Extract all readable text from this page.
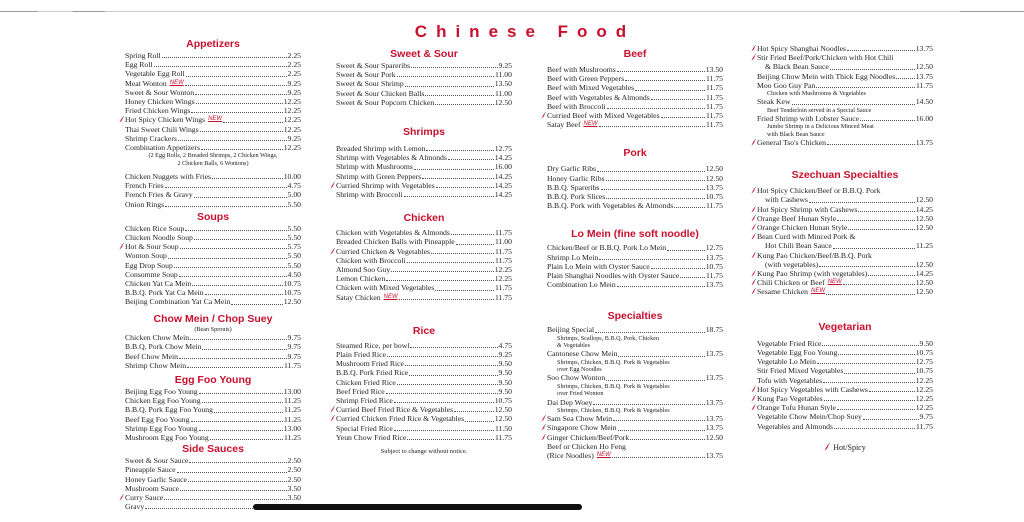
Chinese Food
Appetizers
Spring Roll	2.25
Egg Roll	2.25
Vegetable Egg Roll	2.25
Meat Wonton NEW	9.25
Sweet & Sour Wonton	9.25
Honey Chicken Wings	12.25
Fried Chicken Wings	12.25
Hot Spicy Chicken Wings NEW	12.25
Thai Sweet Chili Wings	12.25
Shrimp Crackers	9.25
Combination Appetizers	12.25
(2 Egg Rolls, 2 Breaded Shrimps, 2 Chicken Wings, 2 Chicken Balls, 6 Wontons)
Chicken Nuggets with Fries	10.00
French Fries	4.75
French Fries & Gravy	5.00
Onion Rings	5.50
Soups
Chicken Rice Soup	5.50
Chicken Noodle Soup	5.50
Hot & Sour Soup	5.75
Wonton Soup	5.50
Egg Drop Soup	5.50
Consomme Soup	4.50
Chicken Yat Ca Mein	10.75
B.B.Q. Pork Yat Ca Mein	10.75
Beijing Combination Yat Ca Mein	12.50
Chow Mein / Chop Suey
(Bean Sprouts)
Chicken Chow Mein	9.75
B.B.Q. Pork Chow Mein	9.75
Beef Chow Mein	9.75
Shrimp Chow Mein	11.75
Egg Foo Young
Beijing Egg Foo Young	13.00
Chicken Egg Foo Young	11.25
B.B.Q. Pork Egg Foo Young	11.25
Beef Egg Foo Young	11.25
Shrimp Egg Foo Young	13.00
Mushroom Egg Foo Young	11.25
Side Sauces
Sweet & Sour Sauce	2.50
Pineapple Sauce	2.50
Honey Garlic Sauce	2.50
Mushroom Sauce	3.50
Curry Sauce	3.50
Gravy
Sweet & Sour
Sweet & Sour Spareribs	9.25
Sweet & Sour Pork	11.00
Sweet & Sour Shrimp	13.50
Sweet & Sour Chicken Balls	11.00
Sweet & Sour Popcorn Chicken	12.50
Shrimps
Breaded Shrimp with Lemon	12.75
Shrimp with Vegetables & Almonds	14.25
Shrimp with Mushrooms	16.00
Shrimp with Green Peppers	14.25
Curried Shrimp with Vegetables	14.25
Shrimp with Broccoli	14.25
Chicken
Chicken with Vegetables & Almonds	11.75
Breaded Chicken Balls with Pineapple	11.00
Curried Chicken & Vegetables	11.75
Chicken with Broccoli	11.75
Almond Soo Guy	12.25
Lemon Chicken	12.25
Chicken with Mixed Vegetables	11.75
Satay Chicken NEW	11.75
Rice
Steamed Rice, per bowl	4.75
Plain Fried Rice	9.25
Mushroom Fried Rice	9.50
B.B.Q. Pork Fried Rice	9.50
Chicken Fried Rice	9.50
Beef Fried Rice	9.50
Shrimp Fried Rice	10.75
Curried Beef Fried Rice & Vegetables	12.50
Curried Chicken Fried Rice & Vegetables	12.50
Special Fried Rice	11.50
Yeun Chow Fried Rice	11.75
Subject to change without notice.
Beef
Beef with Mushrooms	13.50
Beef with Green Peppers	11.75
Beef with Mixed Vegetables	11.75
Beef with Vegetables & Almonds	11.75
Beef with Broccoli	11.75
Curried Beef with Mixed Vegetables	11.75
Satay Beef NEW	11.75
Pork
Dry Garlic Ribs	12.50
Honey Garlic Ribs	12.50
B.B.Q. Spareribs	13.75
B.B.Q. Pork Slices	10.75
B.B.Q. Pork with Vegetables & Almonds	11.75
Lo Mein (fine soft noodle)
Chicken/Beef or B.B.Q. Pork Lo Mein	12.75
Shrimp Lo Mein	13.75
Plain Lo Mein with Oyster Sauce	10.75
Plain Shanghai Noodles with Oyster Sauce	11.75
Combination Lo Mein	13.75
Specialties
Beijing Special	18.75
Shrimps, Scallops, B.B.Q. Pork, Chicken
& Vegetables
Cantonese Chow Mein	13.75
Shrimps, Chicken, B.B.Q. Pork & Vegetables
over Egg Noodles
Soo Chow Wonton	13.75
Shrimps, Chicken, B.B.Q. Pork & Vegetables
over Fried Wonton
Dai Dep Woey	13.75
Shrimps, Chicken, B.B.Q. Pork & Vegetables
Sam Sea Chow Mein	13.75
Singapore Chow Mein	13.75
Ginger Chicken/Beef/Pork	12.50
Beef or Chicken Ho Feng
(Rice Noodles) NEW	13.75
Hot Spicy Shanghai Noodles	13.75
Stir Fried Beef/Pork/Chicken with Hot Chili
& Black Bean Sauce	12.50
Beijing Chow Mein with Thick Egg Noodles	13.75
Moo Goo Guy Pan	11.75
Chicken with Mushrooms & Vegetables
Steak Kew	14.50
Beef Tenderloin served in a Special Sauce
Fried Shrimp with Lobster Sauce	16.00
Jumbo Shrimp in a Delicious Minced Meat
with Black Bean Sauce
General Tso's Chicken	13.75
Szechuan Specialties
Hot Spicy Chicken/Beef or B.B.Q. Pork
with Cashews	12.50
Hot Spicy Shrimp with Cashews	14.25
Orange Beef Hunan Style	12.50
Orange Chicken Hunan Style	12.50
Bean Curd with Minced Pork &
Hot Chili Bean Sauce	11.25
Kung Pao Chicken/Beef/B.B.Q. Pork
(with vegetables)	12.50
Kung Pao Shrimp (with vegetables)	14.25
Chili Chicken or Beef NEW	12.50
Sesame Chicken NEW	12.50
Vegetarian
Vegetable Fried Rice	9.50
Vegetable Egg Foo Young	10.75
Vegetable Lo Mein	12.75
Stir Fried Mixed Vegetables	10.75
Tofu with Vegetables	12.25
Hot Spicy Vegetables with Cashews	12.25
Kung Pao Vegetables	12.25
Orange Tofu Hunan Style	12.25
Vegetable Chow Mein/Chop Suey	9.75
Vegetables and Almonds	11.75
Hot/Spicy
